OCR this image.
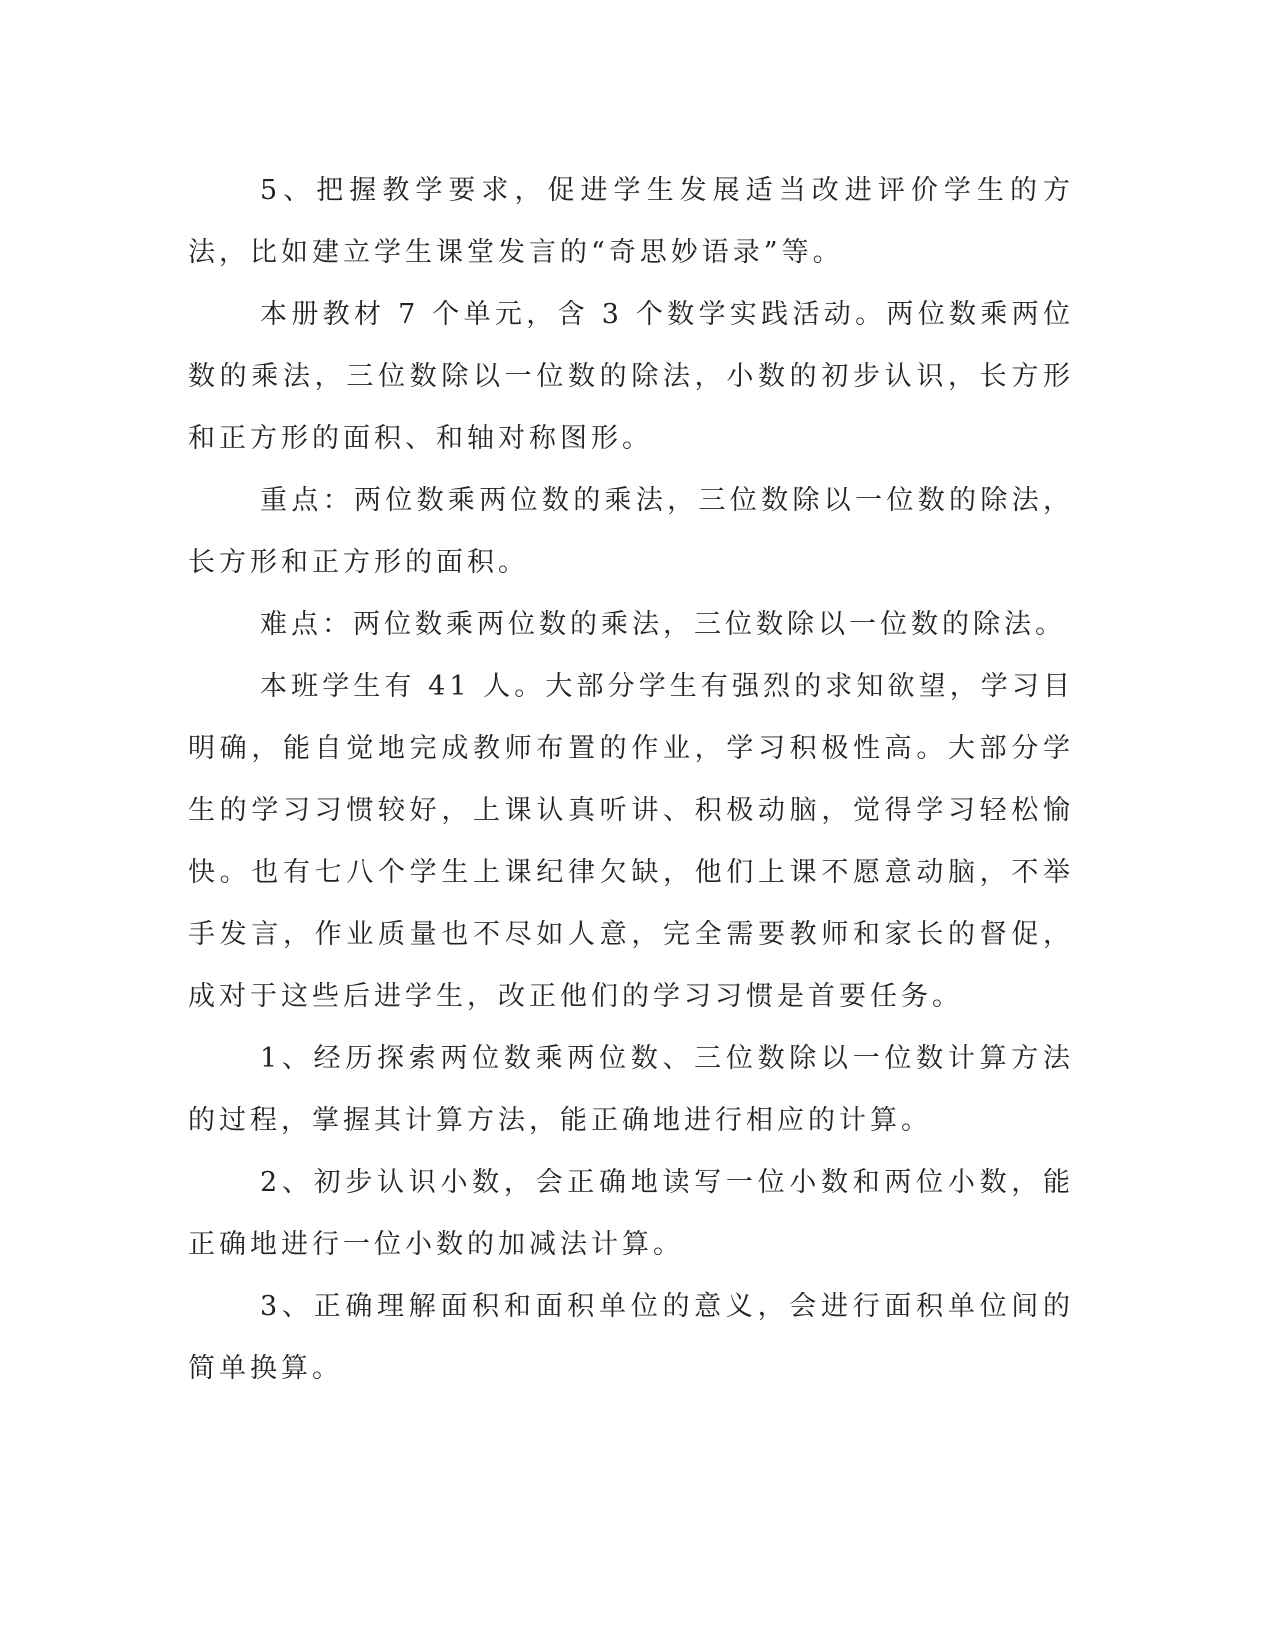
5、把握教学要求，促进学生发展适当改进评价学生的方法，比如建立学生课堂发言的“奇思妙语录”等。

本册教材 7 个单元，含 3 个数学实践活动。两位数乘两位数的乘法，三位数除以一位数的除法，小数的初步认识，长方形和正方形的面积、和轴对称图形。

重点：两位数乘两位数的乘法，三位数除以一位数的除法，长方形和正方形的面积。

难点：两位数乘两位数的乘法，三位数除以一位数的除法。

本班学生有 41 人。大部分学生有强烈的求知欲望，学习目明确，能自觉地完成教师布置的作业，学习积极性高。大部分学生的学习习惯较好，上课认真听讲、积极动脑，觉得学习轻松愉快。也有七八个学生上课纪律欠缺，他们上课不愿意动脑，不举手发言，作业质量也不尽如人意，完全需要教师和家长的督促，成对于这些后进学生，改正他们的学习习惯是首要任务。

1、经历探索两位数乘两位数、三位数除以一位数计算方法的过程，掌握其计算方法，能正确地进行相应的计算。

2、初步认识小数，会正确地读写一位小数和两位小数，能正确地进行一位小数的加减法计算。

3、正确理解面积和面积单位的意义，会进行面积单位间的简单换算。
